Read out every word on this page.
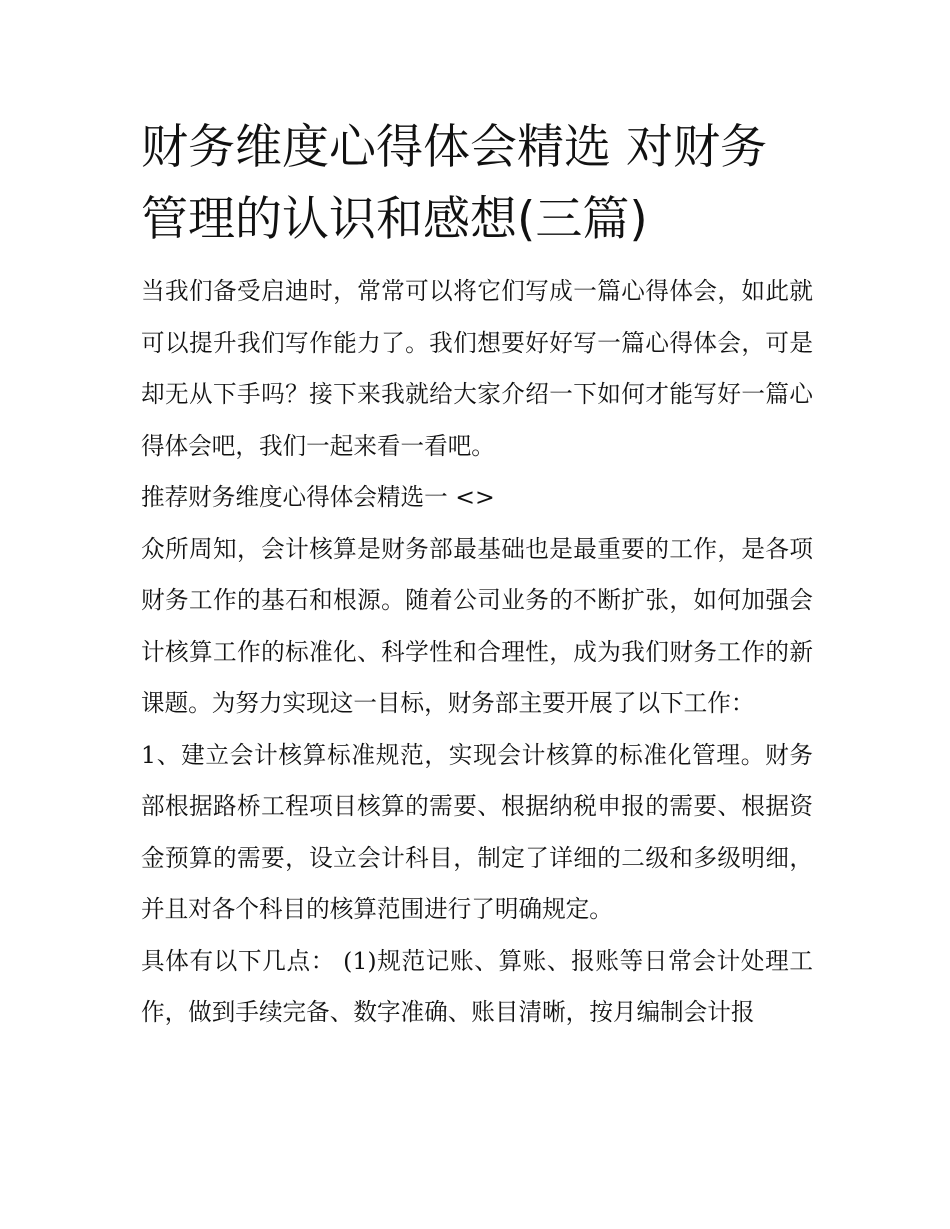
财务维度心得体会精选 对财务管理的认识和感想(三篇)

当我们备受启迪时，常常可以将它们写成一篇心得体会，如此就可以提升我们写作能力了。我们想要好好写一篇心得体会，可是却无从下手吗？接下来我就给大家介绍一下如何才能写好一篇心得体会吧，我们一起来看一看吧。

推荐财务维度心得体会精选一 <>

众所周知，会计核算是财务部最基础也是最重要的工作，是各项财务工作的基石和根源。随着公司业务的不断扩张，如何加强会计核算工作的标准化、科学性和合理性，成为我们财务工作的新课题。为努力实现这一目标，财务部主要开展了以下工作：

1、建立会计核算标准规范，实现会计核算的标准化管理。财务部根据路桥工程项目核算的需要、根据纳税申报的需要、根据资金预算的需要，设立会计科目，制定了详细的二级和多级明细，并且对各个科目的核算范围进行了明确规定。

具体有以下几点： (1)规范记账、算账、报账等日常会计处理工作，做到手续完备、数字准确、账目清晰，按月编制会计报
